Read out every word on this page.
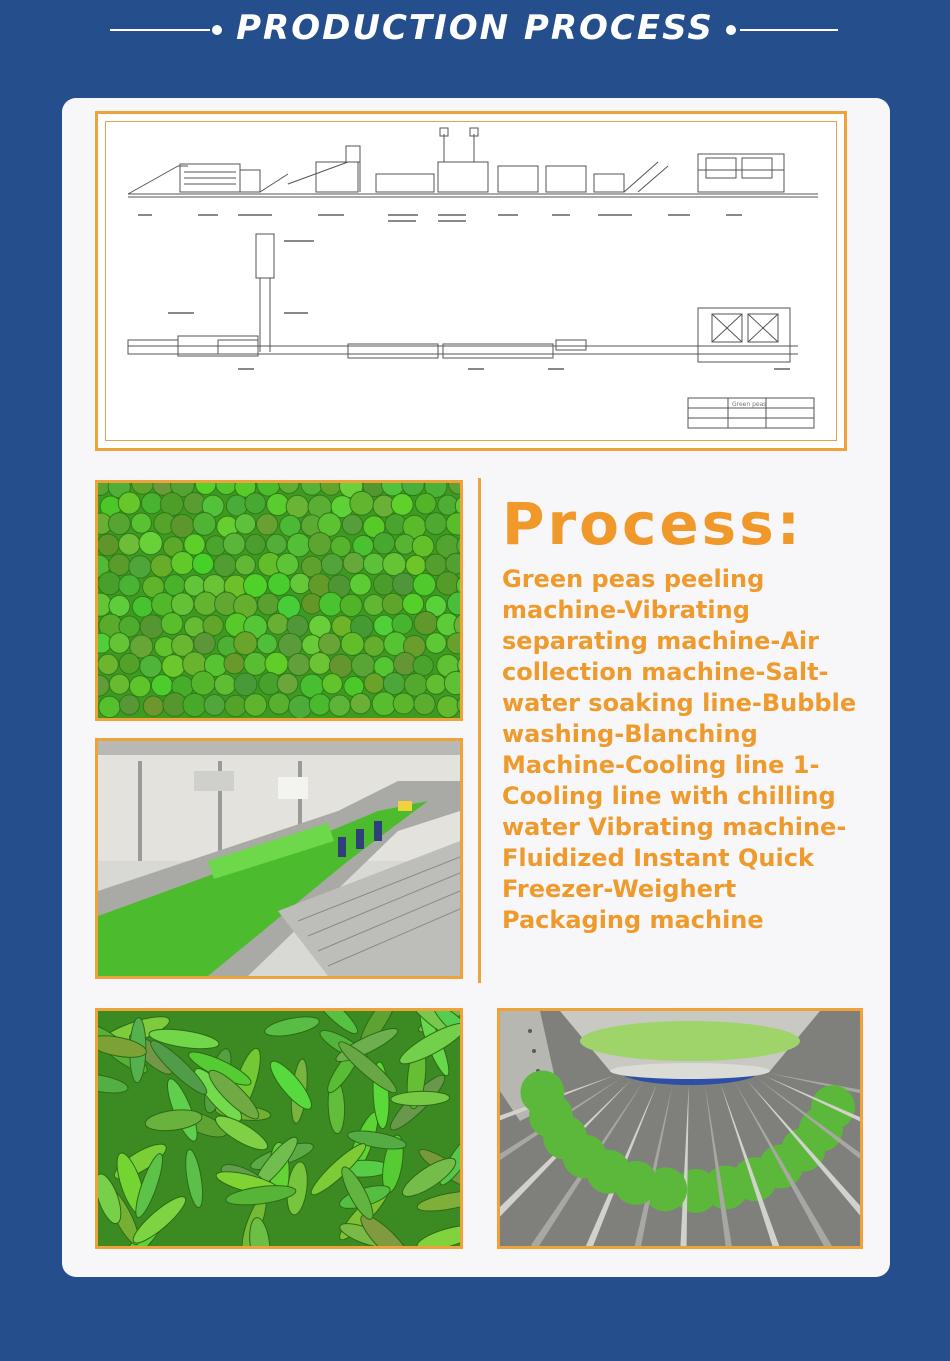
PRODUCTION PROCESS
Green peas
Process:
Green peas peeling machine-Vibrating separating machine-Air collection machine-Salt-water soaking line-Bubble washing-Blanching Machine-Cooling line 1-Cooling line with chilling water Vibrating machine-Fluidized Instant Quick Freezer-Weighert Packaging machine
